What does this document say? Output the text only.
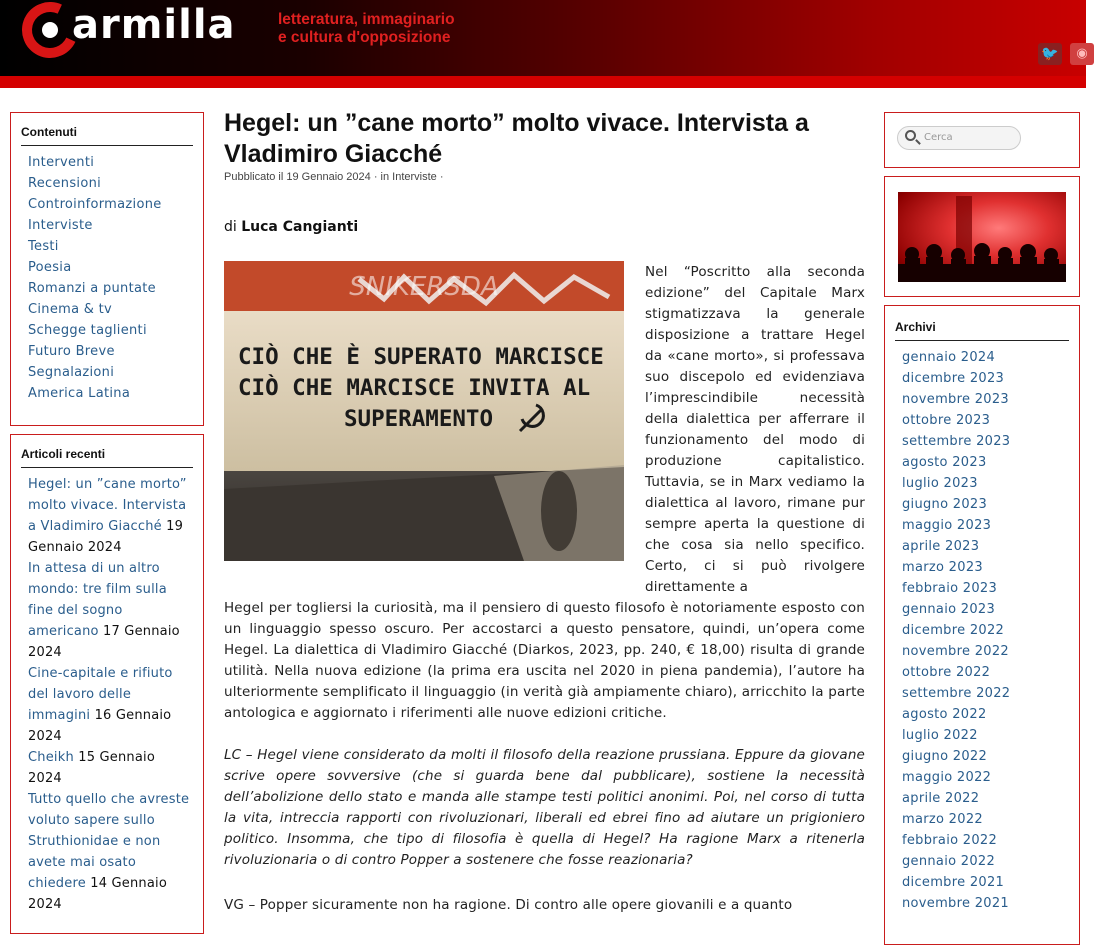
armilla	letteratura, immaginario
e cultura d'opposizione
🐦	◉
Contenuti
Interventi
Recensioni
Controinformazione
Interviste
Testi
Poesia
Romanzi a puntate
Cinema & tv
Schegge taglienti
Futuro Breve
Segnalazioni
America Latina
Articoli recenti
Hegel: un ”cane morto”
molto vivace. Intervista
a Vladimiro Giacché 19
Gennaio 2024
In attesa di un altro
mondo: tre film sulla
fine del sogno
americano 17 Gennaio
2024
Cine-capitale e rifiuto
del lavoro delle
immagini 16 Gennaio
2024
Cheikh 15 Gennaio
2024
Tutto quello che avreste
voluto sapere sullo
Struthionidae e non
avete mai osato
chiedere 14 Gennaio
2024
Hegel: un ”cane morto” molto vivace. Intervista a Vladimiro Giacché
Pubblicato il 19 Gennaio 2024 · in Interviste ·
di Luca Cangianti
SNIKERSDA
CIÒ CHE È SUPERATO MARCISCE
CIÒ CHE MARCISCE INVITA AL
SUPERAMENTO
Nel “Poscritto alla seconda edizione” del Capitale Marx stigmatizzava la generale disposizione a trattare Hegel da «cane morto», si professava suo discepolo ed evidenziava l’imprescindibile necessità della dialettica per afferrare il funzionamento del modo di produzione capitalistico. Tuttavia, se in Marx vediamo la dialettica al lavoro, rimane pur sempre aperta la questione di che cosa sia nello specifico. Certo, ci si può rivolgere direttamente a
Hegel per togliersi la curiosità, ma il pensiero di questo filosofo è notoriamente esposto con un linguaggio spesso oscuro. Per accostarci a questo pensatore, quindi, un’opera come Hegel. La dialettica di Vladimiro Giacché (Diarkos, 2023, pp. 240, € 18,00) risulta di grande utilità. Nella nuova edizione (la prima era uscita nel 2020 in piena pandemia), l’autore ha ulteriormente semplificato il linguaggio (in verità già ampiamente chiaro), arricchito la parte antologica e aggiornato i riferimenti alle nuove edizioni critiche.
LC – Hegel viene considerato da molti il filosofo della reazione prussiana. Eppure da giovane scrive opere sovversive (che si guarda bene dal pubblicare), sostiene la necessità dell’abolizione dello stato e manda alle stampe testi politici anonimi. Poi, nel corso di tutta la vita, intreccia rapporti con rivoluzionari, liberali ed ebrei fino ad aiutare un prigioniero politico. Insomma, che tipo di filosofia è quella di Hegel? Ha ragione Marx a ritenerla rivoluzionaria o di contro Popper a sostenere che fosse reazionaria?
VG – Popper sicuramente non ha ragione. Di contro alle opere giovanili e a quanto
Cerca
Archivi
gennaio 2024
dicembre 2023
novembre 2023
ottobre 2023
settembre 2023
agosto 2023
luglio 2023
giugno 2023
maggio 2023
aprile 2023
marzo 2023
febbraio 2023
gennaio 2023
dicembre 2022
novembre 2022
ottobre 2022
settembre 2022
agosto 2022
luglio 2022
giugno 2022
maggio 2022
aprile 2022
marzo 2022
febbraio 2022
gennaio 2022
dicembre 2021
novembre 2021
